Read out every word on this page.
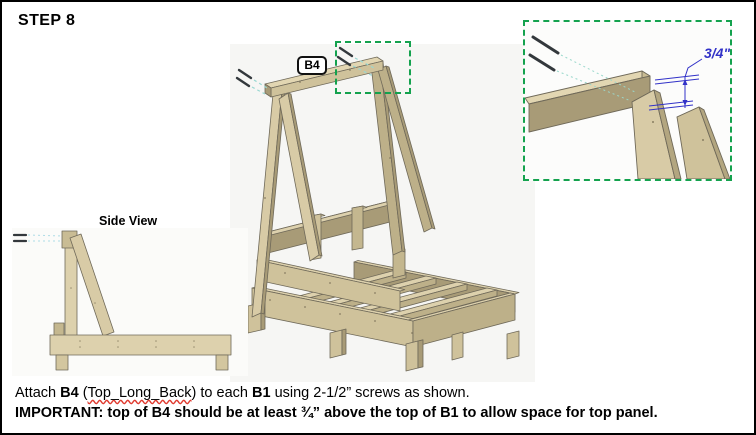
STEP 8
B4
Side View
3/4"
Attach B4 (Top_Long_Back) to each B1 using 2-1/2” screws as shown.
IMPORTANT: top of B4 should be at least ¾” above the top of B1 to allow space for top panel.
